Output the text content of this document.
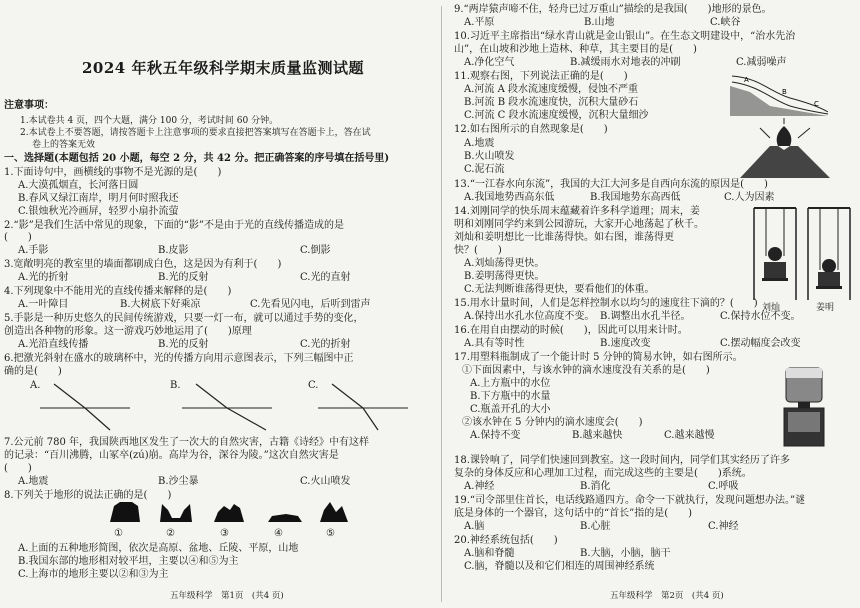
2024 年秋五年级科学期末质量监测试题
注意事项：
1.本试卷共 4 页，四个大题，满分 100 分，考试时间 60 分钟。
2.本试卷上不要答题，请按答题卡上注意事项的要求直接把答案填写在答题卡上，答在试
卷上的答案无效
一、选择题(本题包括 20 小题，每空 2 分，共 42 分。把正确答案的序号填在括号里)
1.下面诗句中，画横线的事物不是光源的是(　　)
A.大漠孤烟直，长河落日圆
B.春风又绿江南岸，明月何时照我还
C.银烛秋光冷画屏，轻罗小扇扑流萤
2.“影”是我们生活中常见的现象，下面的“影”不是由于光的直线传播造成的是
(　　)
A.手影	B.皮影	C.倒影
3.宽敞明亮的教室里的墙面都刷成白色，这是因为有利于(　　)
A.光的折射	B.光的反射	C.光的直射
4.下列现象中不能用光的直线传播来解释的是(　　)
A.一叶障目	B.大树底下好乘凉	C.先看见闪电，后听到雷声
5.手影是一种历史悠久的民间传统游戏，只要一灯一布，就可以通过手势的变化，
创造出各种物的形象。这一游戏巧妙地运用了(　　)原理
A.光沿直线传播	B.光的反射	C.光的折射
6.把激光斜射在盛水的玻璃杯中，光的传播方向用示意图表示，下列三幅图中正
确的是(　　)
A.	B.	C.
7.公元前 780 年，我国陕西地区发生了一次大的自然灾害，古籍《诗经》中有这样
的记录：“百川沸腾，山冢卒(zú)崩。高岸为谷，深谷为陵。”这次自然灾害是
(　　)
A.地震	B.沙尘暴	C.火山喷发
8.下列关于地形的说法正确的是(　　)
①	②	③	④	⑤
A.上面的五种地形简图，依次是高原、盆地、丘陵、平原，山地
B.我国东部的地形相对较平坦，主要以④和⑤为主
C.上海市的地形主要以②和③为主
五年级科学　第1页　(共4 页)
9.“两岸猿声啼不住，轻舟已过万重山”描绘的是我国(　　)地形的景色。
A.平原	B.山地	C.峡谷
10.习近平主席指出“绿水青山就是金山银山”。在生态文明建设中，“治水先治
山”，在山坡和沙地上造林、种草，其主要目的是(　　)
A.净化空气	B.减缓雨水对地表的冲刷	C.减弱噪声
11.观察右图，下列说法正确的是(　　)
A.河流 A 段水流速度缓慢，侵蚀不严重
B.河流 B 段水流速度快，沉积大量砂石
C.河流 C 段水流速度缓慢，沉积大量细沙
A
B
C
12.如右图所示的自然现象是(　　)
A.地震
B.火山喷发
C.泥石流
13.“一江春水向东流”，我国的大江大河多是自西向东流的原因是(　　)
A.我国地势西高东低	B.我国地势东高西低	C.人为因素
14.刘刚同学的快乐周末蕴藏着许多科学道理；周末，姜
明和刘刚同学约来到公园游玩，大家开心地荡起了秋千。
刘灿和姜明想比一比谁荡得快。如右图，谁荡得更
快？(　　)
A.刘灿荡得更快。
B.姜明荡得更快。
C.无法判断谁荡得更快，要看他们的体重。
刘灿	姜明
15.用水计量时间，人们是怎样控制水以均匀的速度往下滴的？(　　)
A.保持出水孔水位高度不变。 B.调整出水孔半径。	C.保持水位不变。
16.在用自由摆动的时候(　　)，因此可以用来计时。
A.具有等时性	B.速度改变	C.摆动幅度会改变
17.用塑料瓶制成了一个能计时 5 分钟的简易水钟，如右图所示。
①下面因素中，与该水钟的滴水速度没有关系的是(　　)
A.上方瓶中的水位
B.下方瓶中的水量
C.瓶盖开孔的大小
②该水钟在 5 分钟内的滴水速度会(　　)
A.保持不变	B.越来越快	C.越来越慢
18.课铃响了，同学们快速回到教室。这一段时间内，同学们其实经历了许多
复杂的身体反应和心理加工过程，而完成这些的主要是(　　)系统。
A.神经	B.消化	C.呼吸
19.“司令部里住首长，电话线路通四方。命令一下就执行，发现问题想办法。”谜
底是身体的一个器官，这句话中的“首长”指的是(　　)
A.脑	B.心脏	C.神经
20.神经系统包括(　　)
A.脑和脊髓	B.大脑，小脑，脑干
C.脑，脊髓以及和它们相连的周围神经系统
五年级科学　第2页　(共4 页)
